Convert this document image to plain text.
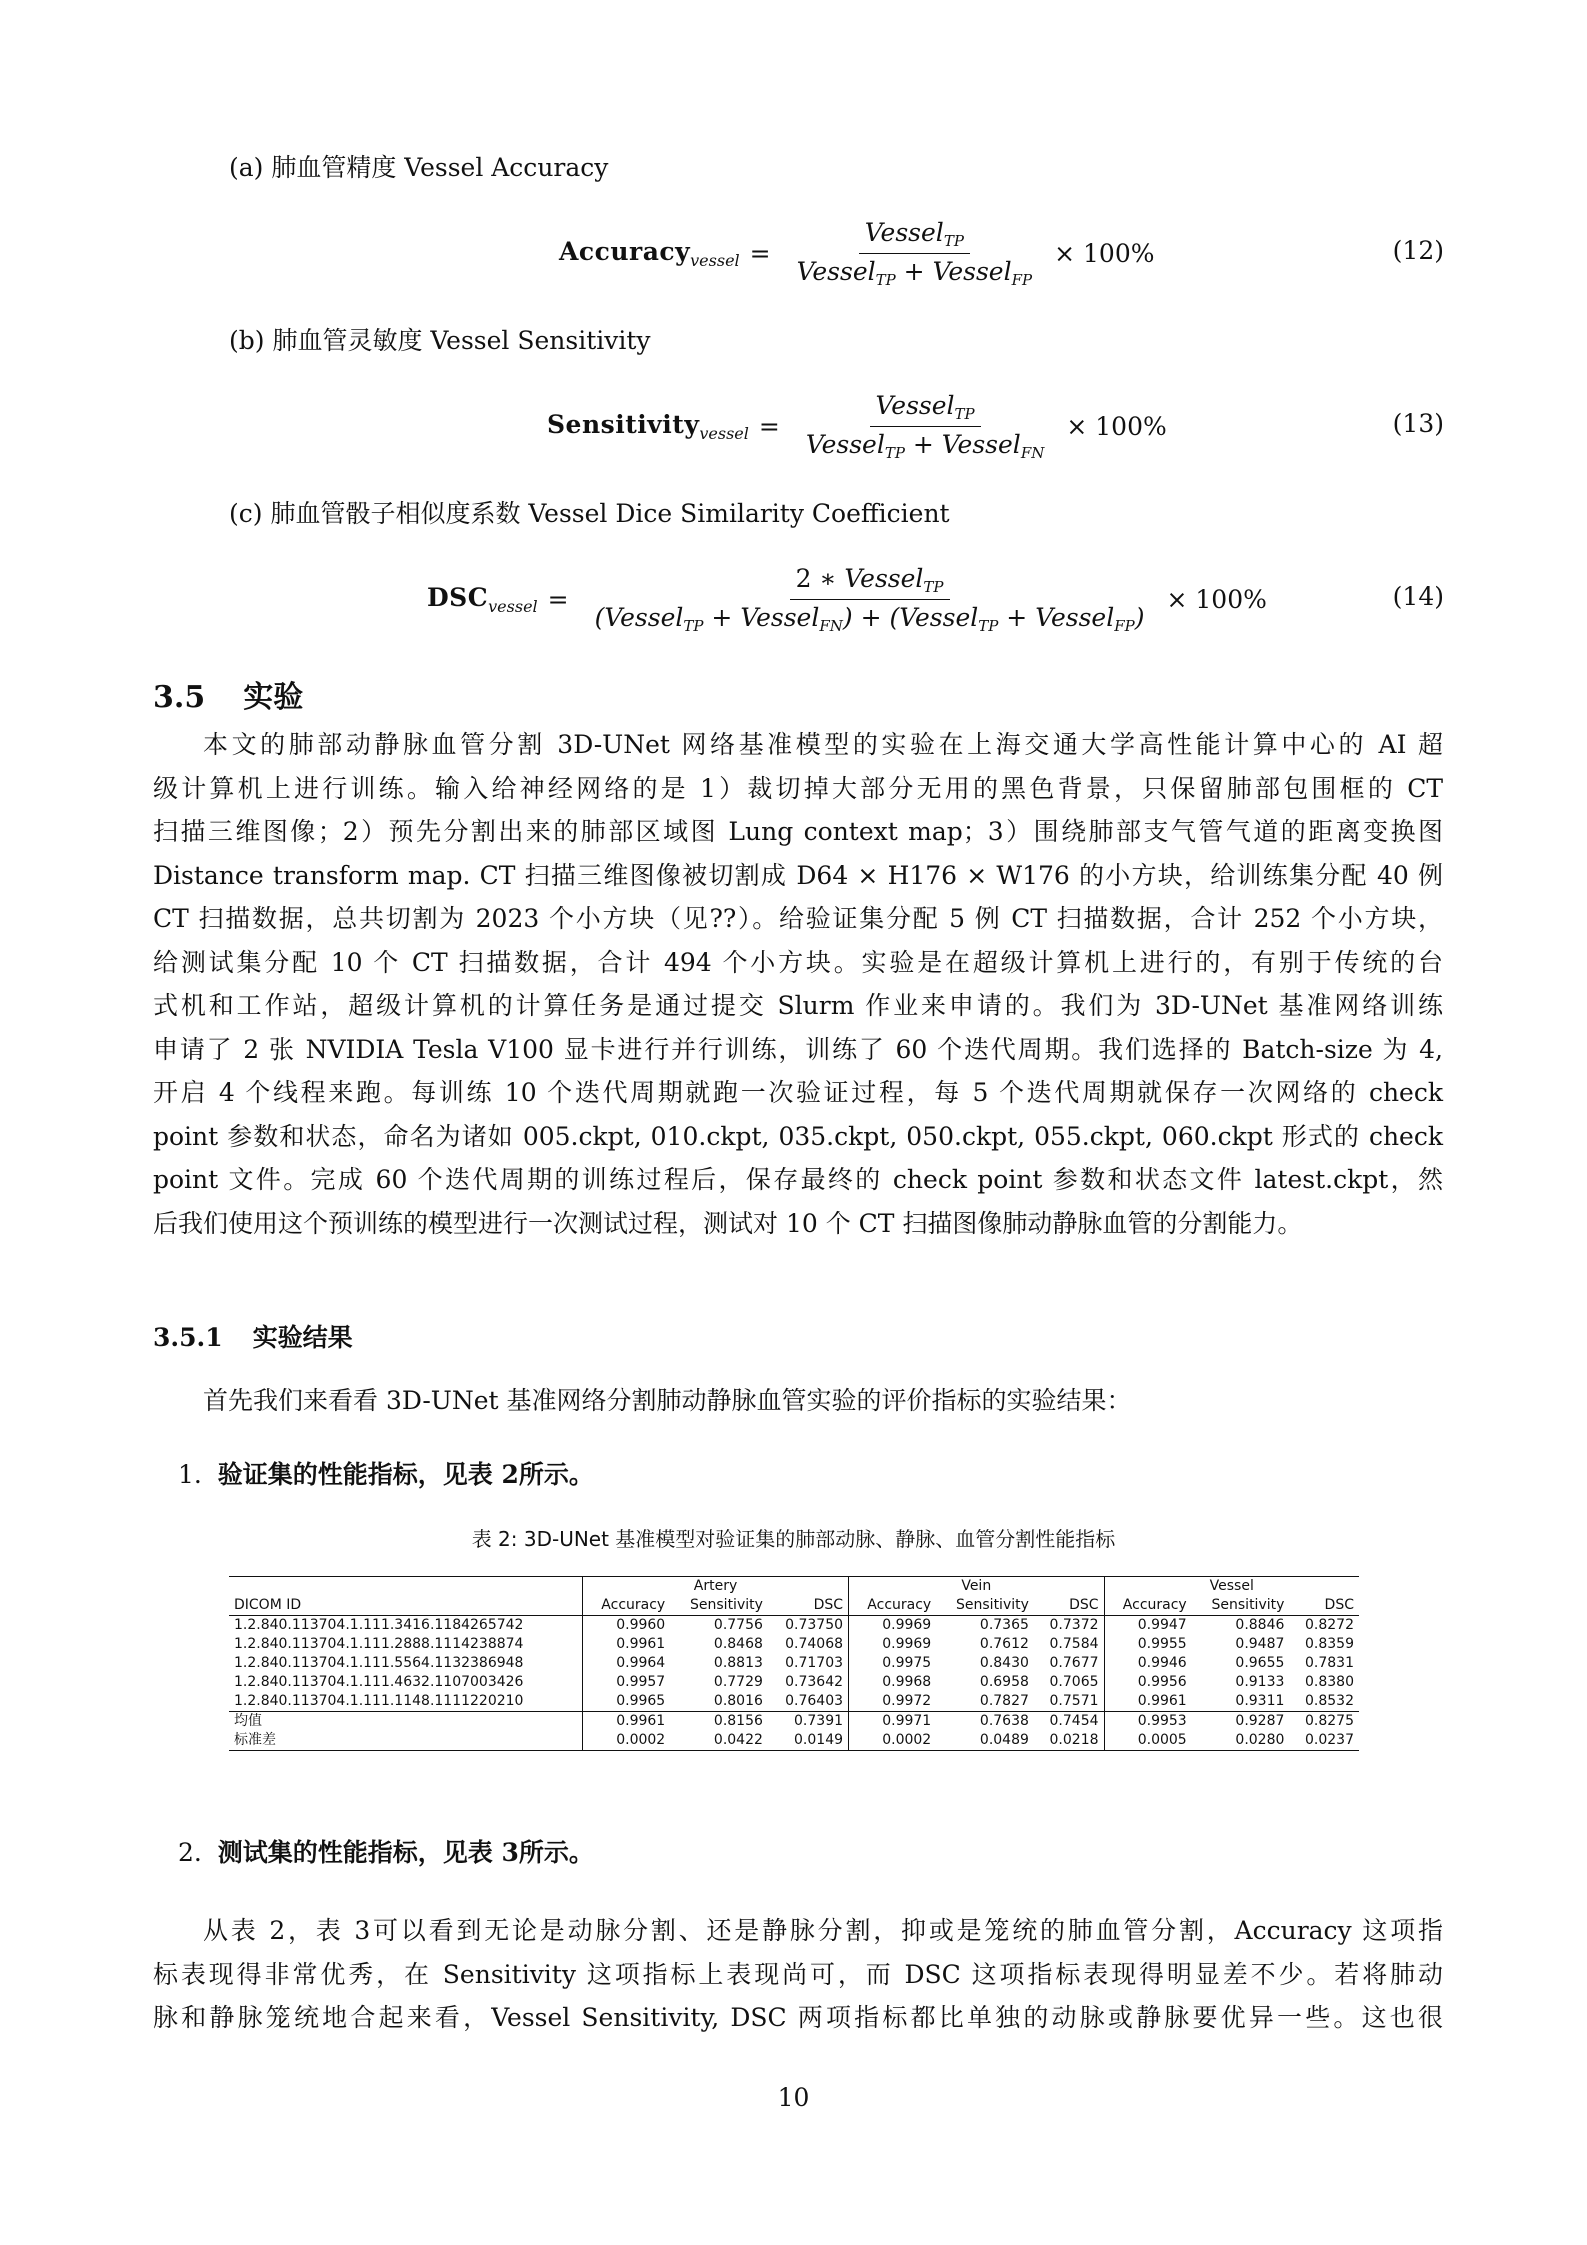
(a) 肺血管精度 Vessel Accuracy
Accuracy$_{vessel}$ = $\frac{Vessel_{TP}}{Vessel_{TP} + Vessel_{FP}} \times 100\%$	(12)
(b) 肺血管灵敏度 Vessel Sensitivity
Sensitivity$_{vessel}$ = $\frac{Vessel_{TP}}{Vessel_{TP} + Vessel_{FN}} \times 100\%$	(13)
(c) 肺血管骰子相似度系数 Vessel Dice Similarity Coefficient
$DSC_{vessel} = \frac{2 ∗ Vessel_{TP}}{(Vessel_{TP} + Vessel_{FN}) + (Vessel_{TP} + Vessel_{FP})} \times 100\%$	(14)
3.5 实验
本文的肺部动静脉血管分割 3D-UNet 网络基准模型的实验在上海交通大学高性能计算中心的 AI 超
级计算机上进行训练。输入给神经网络的是 1）裁切掉大部分无用的黑色背景，只保留肺部包围框的 CT
扫描三维图像；2）预先分割出来的肺部区域图 Lung context map；3）围绕肺部支气管气道的距离变换图
Distance transform map. CT 扫描三维图像被切割成 D64 × H176 × W176 的小方块，给训练集分配 40 例
CT 扫描数据，总共切割为 2023 个小方块（见??）。给验证集分配 5 例 CT 扫描数据，合计 252 个小方块，
给测试集分配 10 个 CT 扫描数据，合计 494 个小方块。实验是在超级计算机上进行的，有别于传统的台
式机和工作站，超级计算机的计算任务是通过提交 Slurm 作业来申请的。我们为 3D-UNet 基准网络训练
申请了 2 张 NVIDIA Tesla V100 显卡进行并行训练，训练了 60 个迭代周期。我们选择的 Batch-size 为 4,
开启 4 个线程来跑。每训练 10 个迭代周期就跑一次验证过程，每 5 个迭代周期就保存一次网络的 check
point 参数和状态，命名为诸如 005.ckpt, 010.ckpt, 035.ckpt, 050.ckpt, 055.ckpt, 060.ckpt 形式的 check
point 文件。完成 60 个迭代周期的训练过程后，保存最终的 check point 参数和状态文件 latest.ckpt，然
后我们使用这个预训练的模型进行一次测试过程，测试对 10 个 CT 扫描图像肺动静脉血管的分割能力。
3.5.1 实验结果
首先我们来看看 3D-UNet 基准网络分割肺动静脉血管实验的评价指标的实验结果：
1. 验证集的性能指标，见表 2所示。
表 2: 3D-UNet 基准模型对验证集的肺部动脉、静脉、血管分割性能指标
	Artery			Vein			Vessel		
DICOM ID	Accuracy	Sensitivity	DSC	Accuracy	Sensitivity	DSC	Accuracy	Sensitivity	DSC
1.2.840.113704.1.111.3416.1184265742	0.9960	0.7756	0.73750	0.9969	0.7365	0.7372	0.9947	0.8846	0.8272
1.2.840.113704.1.111.2888.1114238874	0.9961	0.8468	0.74068	0.9969	0.7612	0.7584	0.9955	0.9487	0.8359
1.2.840.113704.1.111.5564.1132386948	0.9964	0.8813	0.71703	0.9975	0.8430	0.7677	0.9946	0.9655	0.7831
1.2.840.113704.1.111.4632.1107003426	0.9957	0.7729	0.73642	0.9968	0.6958	0.7065	0.9956	0.9133	0.8380
1.2.840.113704.1.111.1148.1111220210	0.9965	0.8016	0.76403	0.9972	0.7827	0.7571	0.9961	0.9311	0.8532
均值	0.9961	0.8156	0.7391	0.9971	0.7638	0.7454	0.9953	0.9287	0.8275
标准差	0.0002	0.0422	0.0149	0.0002	0.0489	0.0218	0.0005	0.0280	0.0237
2. 测试集的性能指标，见表 3所示。
从表 2，表 3可以看到无论是动脉分割、还是静脉分割，抑或是笼统的肺血管分割，Accuracy 这项指
标表现得非常优秀，在 Sensitivity 这项指标上表现尚可，而 DSC 这项指标表现得明显差不少。若将肺动
脉和静脉笼统地合起来看，Vessel Sensitivity, DSC 两项指标都比单独的动脉或静脉要优异一些。这也很
10
